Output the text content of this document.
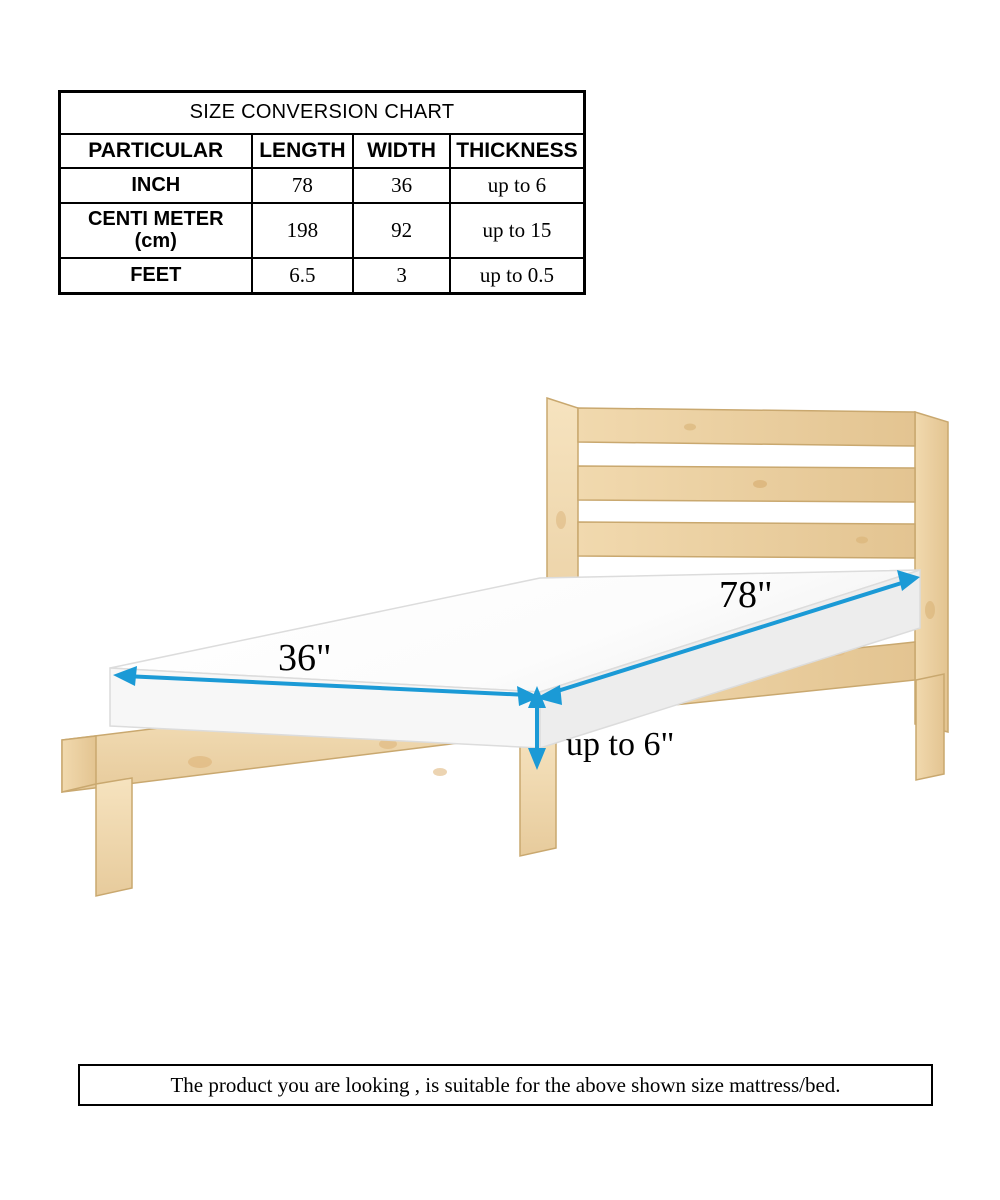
SIZE CONVERSION CHART			
PARTICULAR	LENGTH	WIDTH	THICKNESS
INCH	78	36	up to 6
CENTI METER
(cm)	198	92	up to 15
FEET	6.5	3	up to 0.5
36"
78"
up to 6"
The product you are looking , is suitable for the above shown size mattress/bed.
